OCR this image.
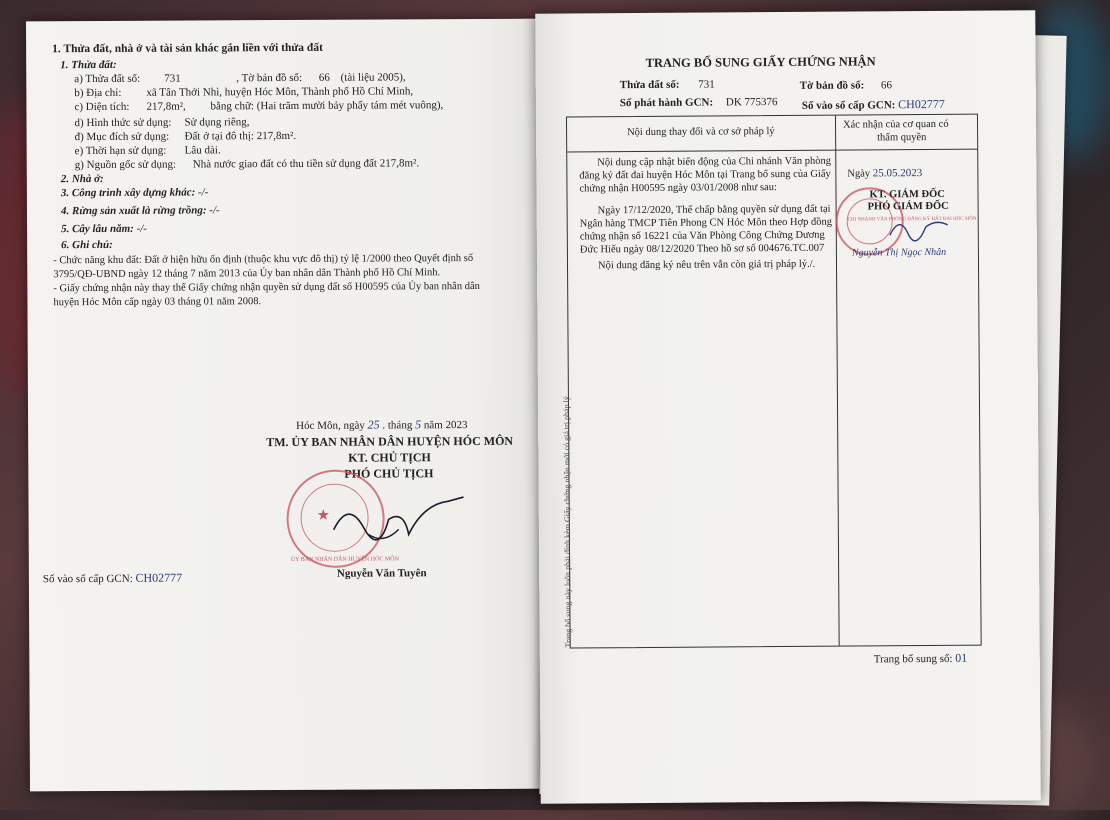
1. Thửa đất, nhà ở và tài sản khác gắn liền với thửa đất
1. Thửa đất:
a) Thửa đất số: 731	, Tờ bản đồ số: 66 (tài liệu 2005),
b) Địa chỉ: xã Tân Thới Nhì, huyện Hóc Môn, Thành phố Hồ Chí Minh,
c) Diện tích: 217,8m², bằng chữ: (Hai trăm mười bảy phẩy tám mét vuông),
d) Hình thức sử dụng: Sử dụng riêng,
đ) Mục đích sử dụng: Đất ở tại đô thị: 217,8m².
e) Thời hạn sử dụng: Lâu dài.
g) Nguồn gốc sử dụng: Nhà nước giao đất có thu tiền sử dụng đất 217,8m².
2. Nhà ở:
3. Công trình xây dựng khác: -/-
4. Rừng sản xuất là rừng trồng: -/-
5. Cây lâu năm: -/-
6. Ghi chú:
- Chức năng khu đất: Đất ở hiện hữu ổn định (thuộc khu vực đô thị) tỷ lệ 1/2000 theo Quyết định số
3795/QĐ-UBND ngày 12 tháng 7 năm 2013 của Ủy ban nhân dân Thành phố Hồ Chí Minh.
- Giấy chứng nhận này thay thế Giấy chứng nhận quyền sử dụng đất số H00595 của Ủy ban nhân dân
huyện Hóc Môn cấp ngày 03 tháng 01 năm 2008.
Hóc Môn, ngày 25 . tháng 5 năm 2023
TM. ỦY BAN NHÂN DÂN HUYỆN HÓC MÔN
KT. CHỦ TỊCH
PHÓ CHỦ TỊCH
★
ỦY BAN NHÂN DÂN HUYỆN HÓC MÔN
Nguyễn Văn Tuyên
Số vào sổ cấp GCN: CH02777
TRANG BỔ SUNG GIẤY CHỨNG NHẬN
Thửa đất số: 731	Tờ bản đồ số: 66
Số phát hành GCN: DK 775376 Số vào sổ cấp GCN: CH02777
Nội dung thay đổi và cơ sở pháp lý
Xác nhận của cơ quan có
thẩm quyền
Nội dung cập nhật biến động của Chi nhánh Văn phòng
đăng ký đất đai huyện Hóc Môn tại Trang bổ sung của Giấy
chứng nhận H00595 ngày 03/01/2008 như sau:
Ngày 17/12/2020, Thế chấp bằng quyền sử dụng đất tại
Ngân hàng TMCP Tiên Phong CN Hóc Môn theo Hợp đồng
chứng nhận số 16221 của Văn Phòng Công Chứng Dương
Đức Hiếu ngày 08/12/2020 Theo hồ sơ số 004676.TC.007
Nội dung đăng ký nêu trên vẫn còn giá trị pháp lý./.
Ngày 25.05.2023
CHI NHÁNH VĂN PHÒNG ĐĂNG KÝ ĐẤT ĐAI HÓC MÔN
KT. GIÁM ĐỐC
PHÓ GIÁM ĐỐC
Nguyễn Thị Ngọc Nhân
Trang bổ sung này luôn phải đính kèm Giấy chứng nhận mới có giá trị pháp lý
Trang bổ sung số: 01
